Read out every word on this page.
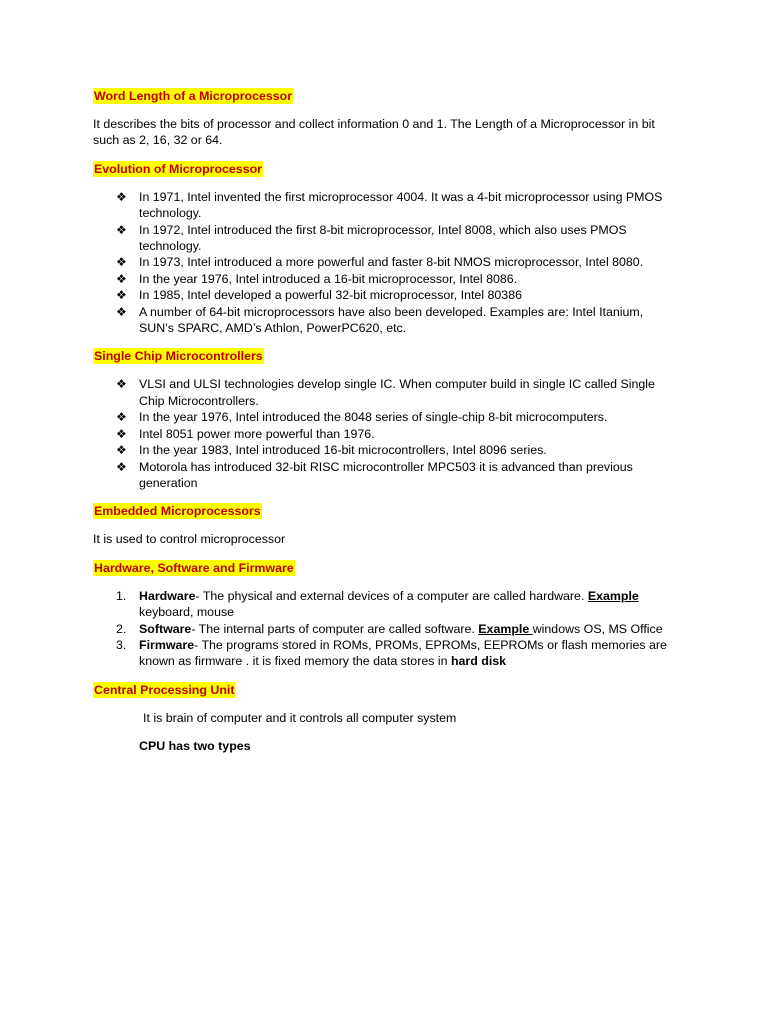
Word Length of a Microprocessor

It describes the bits of processor and collect information 0 and 1. The Length of a Microprocessor in bit such as 2, 16, 32 or 64.

Evolution of Microprocessor
❖ In 1971, Intel invented the first microprocessor 4004. It was a 4-bit microprocessor using PMOS technology.
❖ In 1972, Intel introduced the first 8-bit microprocessor, Intel 8008, which also uses PMOS technology.
❖ In 1973, Intel introduced a more powerful and faster 8-bit NMOS microprocessor, Intel 8080.
❖ In the year 1976, Intel introduced a 16-bit microprocessor, Intel 8086.
❖ In 1985, Intel developed a powerful 32-bit microprocessor, Intel 80386
❖ A number of 64-bit microprocessors have also been developed. Examples are: Intel Itanium, SUN’s SPARC, AMD’s Athlon, PowerPC620, etc.
Single Chip Microcontrollers
❖ VLSI and ULSI technologies develop single IC. When computer build in single IC called Single Chip Microcontrollers.
❖ In the year 1976, Intel introduced the 8048 series of single-chip 8-bit microcomputers.
❖ Intel 8051 power more powerful than 1976.
❖ In the year 1983, Intel introduced 16-bit microcontrollers, Intel 8096 series.
❖ Motorola has introduced 32-bit RISC microcontroller MPC503 it is advanced than previous generation
Embedded Microprocessors

It is used to control microprocessor

Hardware, Software and Firmware
1. Hardware- The physical and external devices of a computer are called hardware. Example keyboard, mouse
2. Software- The internal parts of computer are called software. Example windows OS, MS Office
3. Firmware- The programs stored in ROMs, PROMs, EPROMs, EEPROMs or flash memories are known as firmware . it is fixed memory the data stores in hard disk
Central Processing Unit

It is brain of computer and it controls all computer system

CPU has two types
